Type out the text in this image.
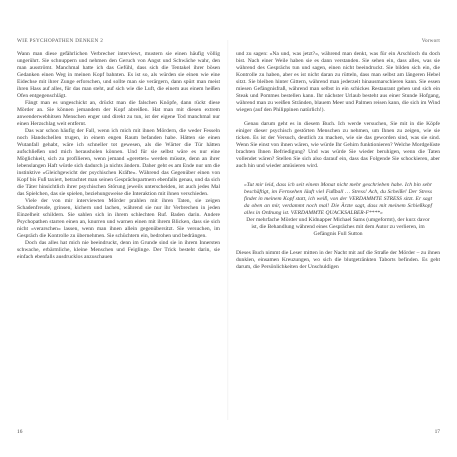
WIE PSYCHOPATHEN DENKEN 2

Wann man diese gefährlichen Verbrecher interviewt, mustern sie einen häufig völlig ungerührt. Sie schnuppern und nehmen den Geruch von Angst und Schwäche wahr, den man ausströmt. Manchmal hatte ich das Gefühl, dass sich die Tentakel ihrer bösen Gedanken einen Weg in meinen Kopf bahnten. Es ist so, als würden sie einen wie eine Eidechse mit ihrer Zunge erforschen, und sollte man sie verärgern, dann spürt man meist ihren Hass auf alles, für das man steht, auf sich wie die Luft, die einem aus einem heißen Ofen entgegenschlägt.

Fängt man es ungeschickt an, drückt man die falschen Knöpfe, dann rückt diese Mörder an. Sie können jemandem der Kopf abreißen. Hat man mit diesen extrem anwenderwebhitsen Menschen enger und direkt zu tun, ist der eigene Tod manchmal nur einen Herzschlag weit entfernt.

Das war schon häufig der Fall, wenn ich mich mit ihnen Mördern, die weder Fesseln noch Handschellen trugen, in einem engen Raum befanden habe. Hätten sie einen Wutanfall gehabt, wäre ich schneller tot gewesen, als die Wärter die Tür hätten aufschließen und mich herausholen können. Und für sie selbst wäre es nur eine Möglichkeit, sich zu profilieren, wenn jemand »gerettet« werden müsste, denn an ihrer lebenslangen Haft würde sich dadurch ja nichts ändern. Daher geht es am Ende nur um die instinktive »Gleichgewicht der psychischen Kräfte«. Während das Gegenüber einen von Kopf bis Fuß taxiert, betrachtet man seinen Gesprächspartnern ebenfalls genau, und da sich die Täter hinsichtlich ihrer psychischen Störung jeweils unterscheiden, ist auch jedes Mal das Spielchen, das sie spielen, beziehungsweise die Interaktion mit ihnen verschieden.

Viele der von mir interviewten Mörder prahlen mit ihren Taten, sie zeigen Schadenfreude, grinsen, kichern und lachen, während sie nur ihr Verbrechen in jeden Einzelheit schildern. Sie sahlen sich in ihrem schlechten Ruf. Baden darin. Andere Psychopathen starren einen an, knurren und warnen einen mit ihrem Blicken, dass sie sich nicht »verarschen« lassen, wenn man ihnen allein gegenübersitzt. Sie versuchen, im Gespräch die Kontrolle zu übernehmen. Sie schüchtern ein, bedrohen und bedrängen.

Doch das alles hat mich nie beeindruckt, denn im Grunde sind sie in ihrem Innersten schwache, erbärmliche, kleine Menschen und Feiglinge. Der Trick besteht darin, sie einfach ebenfalls ausdrucklos anzuschauen

16
Vorwort

und zu sagen: »Na und, was jetzt?«, während man denkt, was für ein Arschloch du doch bist. Nach einer Weile haben sie es dann verstanden. Sie sehen ein, dass alles, was sie während des Gesprächs tun und sagen, einen nicht beeindruckt. Sie bilden sich ein, die Kontrolle zu haben, aber es ist nicht daran zu rütteln, dass man selbst am längeren Hebel sitzt. Sie bleiben hinter Gittern, während man jederzeit hinausmarschieren kann. Sie essen miesen Gefängnisfraß, während man selbst in ein schickes Restaurant gehen und sich ein Steak und Pommes bestellen kann. Ihr nächster Urlaub besteht aus einer Stunde Hofgang, während man zu weißen Stränden, blauem Meer und Palmen reisen kann, die sich im Wind wiegen (auf den Philippinen natürlich!).

Genau darum geht es in diesem Buch. Ich werde versuchen, Sie mit in die Köpfe einiger dieser psychisch gestörten Menschen zu nehmen, um Ihnen zu zeigen, wie sie ticken. Es ist der Versuch, deutlich zu machen, wie sie das geworden sind, was sie sind. Wenn Sie einst von ihnen wären, wie würde Ihr Gehirn funktionieren? Welche Mordgelüste brachten Ihnen Befriedigung? Und was würde Sie wieder beruhigen, wenn die Taten vollendet wären? Stellen Sie sich also darauf ein, dass das Folgende Sie schockieren, aber auch hin und wieder amüsieren wird.

»Tut mir leid, dass ich seit einem Monat nicht mehr geschrieben habe. Ich bin sehr beschäftigt, im Fernsehen läuft viel Fußball … Stress! Ach, du Scheiße! Der Stress findet in meinem Kopf statt, ich weiß, von der VERDAMMTE STRESS sitzt. Er sagt da oben an mir, verdammt noch mal! Die Ärzte sagt, dass mit meinem Schießkopf alles in Ordnung ist. VERDAMMTE QUACKSALBER-F****«
Der mehrfache Mörder und Kidnapper Michael Sams (umgeformt), der kurz davor ist, die Behandlung während eines Gespräches mit dem Autor zu verlieren, im Gefängnis Full Sutton

Dieses Buch nimmt die Leser mitten in der Nacht mit auf die Straße der Mörder – zu ihnen dunklen, einsamen Kreuzungen, wo sich die blutgetränkten Taborts befinden. Es geht darum, die Persönlichkeiten der Unschuldigen

17
